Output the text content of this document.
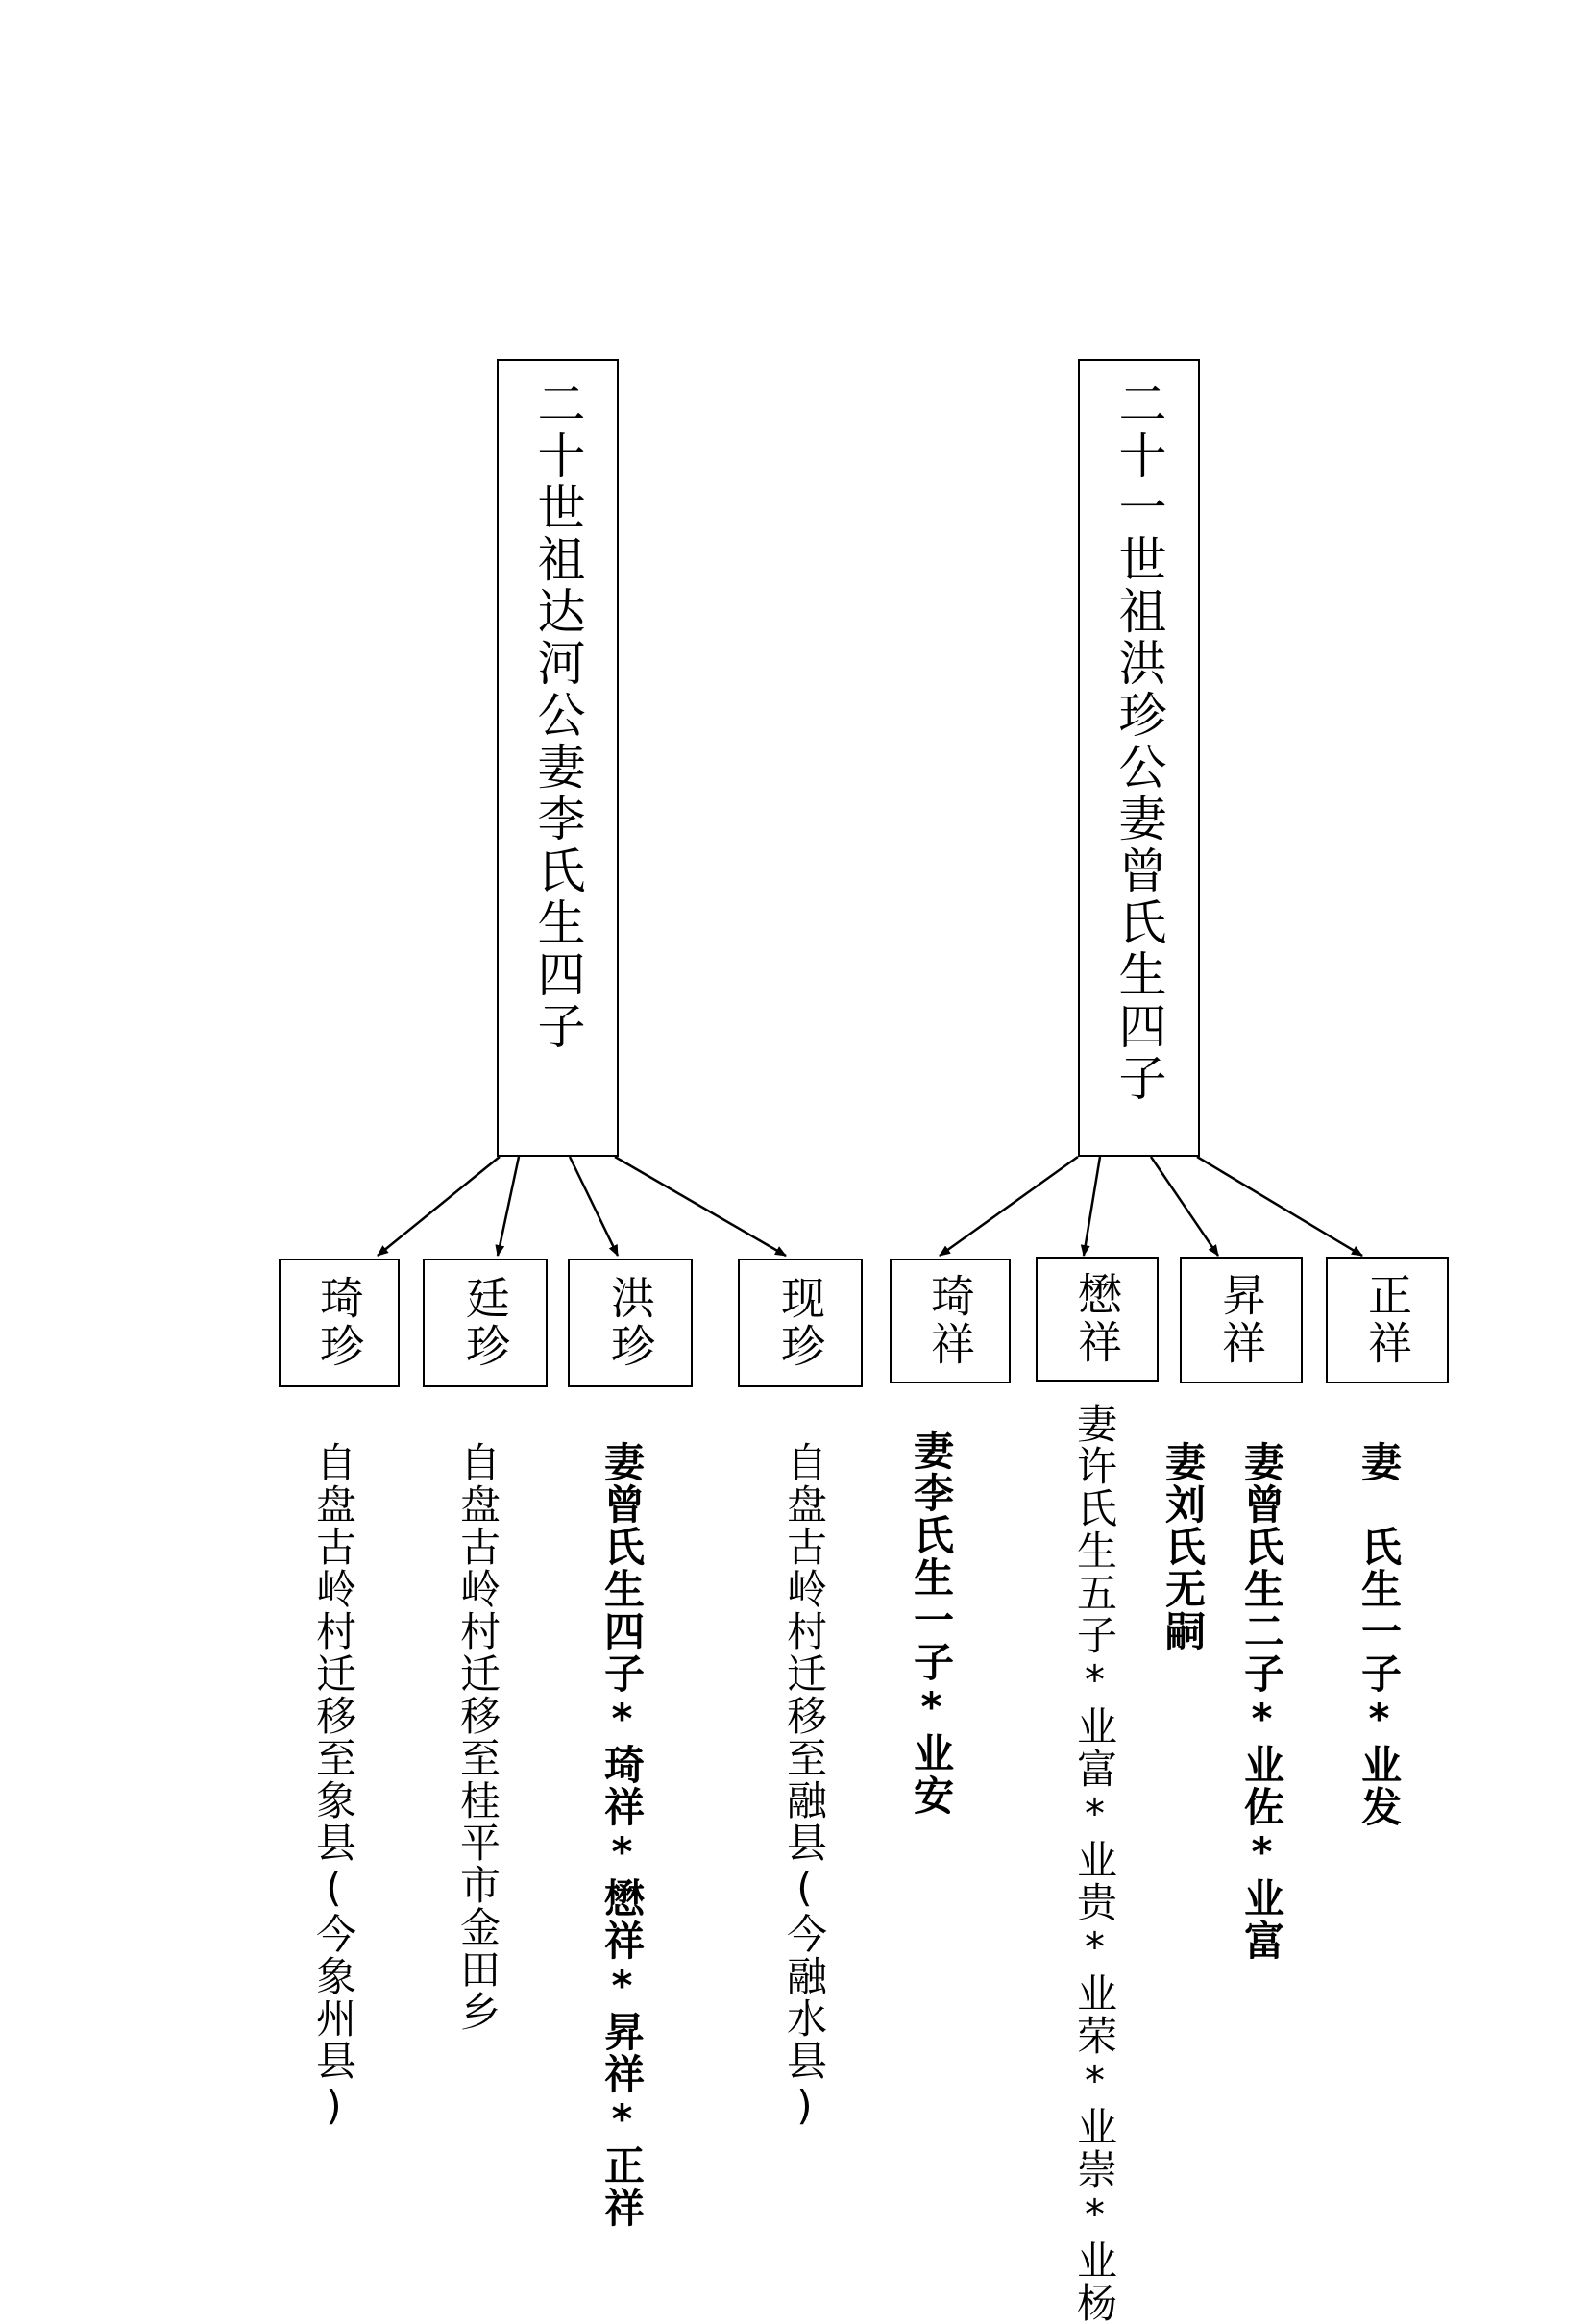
二十世祖达河公妻李氏生四子	二十一世祖洪珍公妻曾氏生四子
琦珍 廷珍 洪珍	现珍 琦祥 懋祥 昇祥 正祥
自盘古岭村迁移至象县(今象州县) 自盘古岭村迁移至桂平市金田乡 妻曾氏生四子*琦祥*懋祥*昇祥*正祥	自盘古岭村迁移至融县(今融水县) 妻李氏生一子*业安	妻许氏生五子*业富*业贵*业荣*业崇*业杨 妻刘氏无嗣 妻曾氏生二子*业佐*业富 妻　氏生一子*业发
